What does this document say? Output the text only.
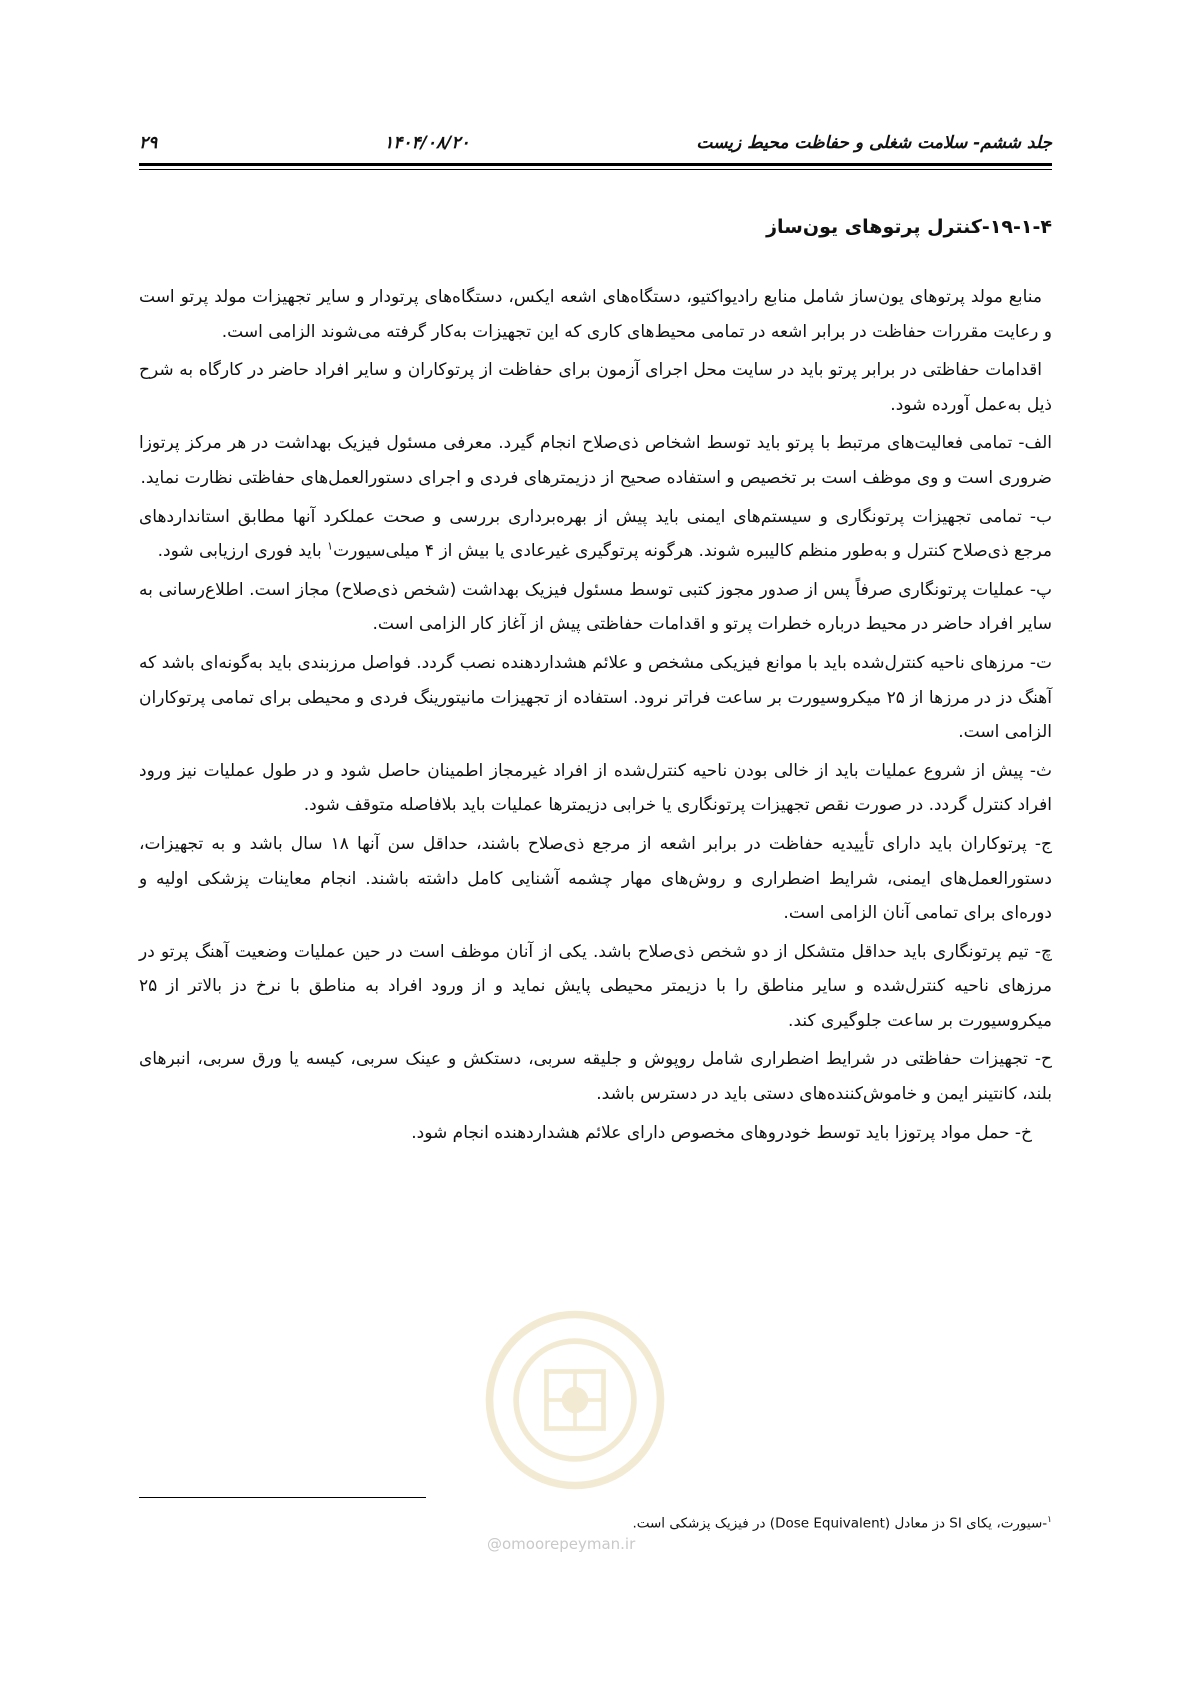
جلد ششم- سلامت شغلی و حفاظت محیط زیست
۱۴۰۴/۰۸/۲۰
۲۹
۱۹-۱-۴-کنترل پرتوهای یون‌ساز

منابع مولد پرتوهای یون‌ساز شامل منابع رادیواکتیو، دستگاه‌های اشعه ایکس، دستگاه‌های پرتودار و سایر تجهیزات مولد پرتو است و رعایت مقررات حفاظت در برابر اشعه در تمامی محیط‌های کاری که این تجهیزات به‌کار گرفته می‌شوند الزامی است.

اقدامات حفاظتی در برابر پرتو باید در سایت محل اجرای آزمون برای حفاظت از پرتوکاران و سایر افراد حاضر در کارگاه به شرح ذیل به‌عمل آورده شود.

الف- تمامی فعالیت‌های مرتبط با پرتو باید توسط اشخاص ذی‌صلاح انجام گیرد. معرفی مسئول فیزیک بهداشت در هر مرکز پرتوزا ضروری است و وی موظف است بر تخصیص و استفاده صحیح از دزیمترهای فردی و اجرای دستورالعمل‌های حفاظتی نظارت نماید.

ب- تمامی تجهیزات پرتونگاری و سیستم‌های ایمنی باید پیش از بهره‌برداری بررسی و صحت عملکرد آنها مطابق استانداردهای مرجع ذی‌صلاح کنترل و به‌طور منظم کالیبره شوند. هرگونه پرتوگیری غیرعادی یا بیش از ۴ میلی‌سیورت$^۱$ باید فوری ارزیابی شود.

پ- عملیات پرتونگاری صرفاً پس از صدور مجوز کتبی توسط مسئول فیزیک بهداشت (شخص ذی‌صلاح) مجاز است. اطلاع‌رسانی به سایر افراد حاضر در محیط درباره خطرات پرتو و اقدامات حفاظتی پیش از آغاز کار الزامی است.

ت- مرزهای ناحیه کنترل‌شده باید با موانع فیزیکی مشخص و علائم هشداردهنده نصب گردد. فواصل مرزبندی باید به‌گونه‌ای باشد که آهنگ دز در مرزها از ۲۵ میکروسیورت بر ساعت فراتر نرود. استفاده از تجهیزات مانیتورینگ فردی و محیطی برای تمامی پرتوکاران الزامی است.

ث- پیش از شروع عملیات باید از خالی بودن ناحیه کنترل‌شده از افراد غیرمجاز اطمینان حاصل شود و در طول عملیات نیز ورود افراد کنترل گردد. در صورت نقص تجهیزات پرتونگاری یا خرابی دزیمترها عملیات باید بلافاصله متوقف شود.

ج- پرتوکاران باید دارای تأییدیه حفاظت در برابر اشعه از مرجع ذی‌صلاح باشند، حداقل سن آنها ۱۸ سال باشد و به تجهیزات، دستورالعمل‌های ایمنی، شرایط اضطراری و روش‌های مهار چشمه آشنایی کامل داشته باشند. انجام معاینات پزشکی اولیه و دوره‌ای برای تمامی آنان الزامی است.

چ- تیم پرتونگاری باید حداقل متشکل از دو شخص ذی‌صلاح باشد. یکی از آنان موظف است در حین عملیات وضعیت آهنگ پرتو در مرزهای ناحیه کنترل‌شده و سایر مناطق را با دزیمتر محیطی پایش نماید و از ورود افراد به مناطق با نرخ دز بالاتر از ۲۵ میکروسیورت بر ساعت جلوگیری کند.

ح- تجهیزات حفاظتی در شرایط اضطراری شامل روپوش و جلیقه سربی، دستکش و عینک سربی، کیسه یا ورق سربی، انبرهای بلند، کانتینر ایمن و خاموش‌کننده‌های دستی باید در دسترس باشد.

خ- حمل مواد پرتوزا باید توسط خودروهای مخصوص دارای علائم هشداردهنده انجام شود.

$^۱$-سیورت، یکای SI دز معادل (Dose Equivalent) در فیزیک پزشکی است.
@omoorepeyman.ir
